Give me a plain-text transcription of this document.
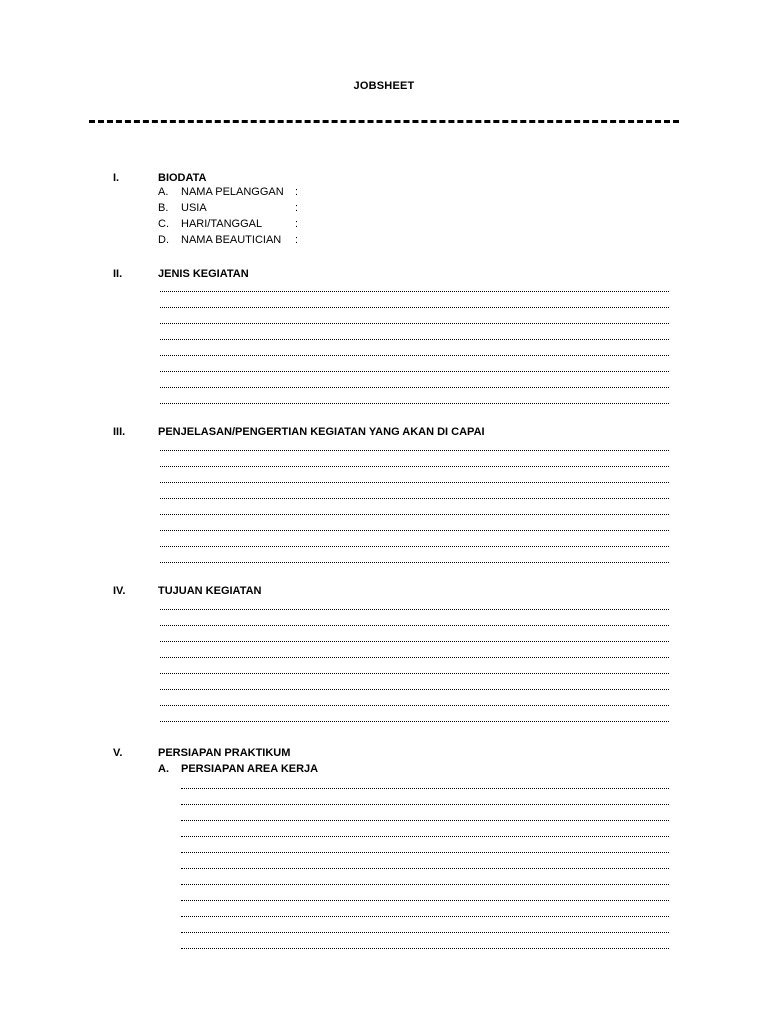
JOBSHEET
I.	BIODATA
A. NAMA PELANGGAN :
B. USIA	:
C. HARI/TANGGAL	:
D. NAMA BEAUTICIAN :
II.	JENIS KEGIATAN
III.	PENJELASAN/PENGERTIAN KEGIATAN YANG AKAN DI CAPAI
IV.	TUJUAN KEGIATAN
V.	PERSIAPAN PRAKTIKUM
A. PERSIAPAN AREA KERJA
